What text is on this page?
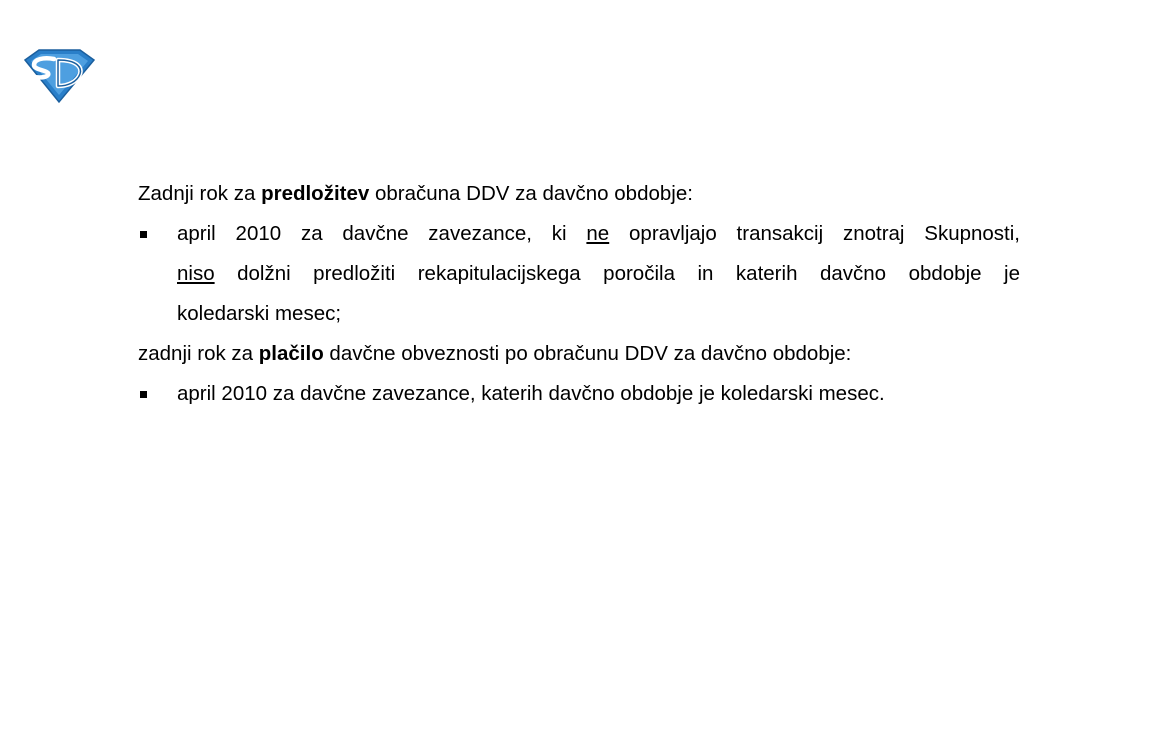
Zadnji rok za predložitev obračuna DDV za davčno obdobje:

april 2010 za davčne zavezance, ki ne opravljajo transakcij znotraj Skupnosti,
niso dolžni predložiti rekapitulacijskega poročila in katerih davčno obdobje je
koledarski mesec;

zadnji rok za plačilo davčne obveznosti po obračunu DDV za davčno obdobje:

april 2010 za davčne zavezance, katerih davčno obdobje je koledarski mesec.
